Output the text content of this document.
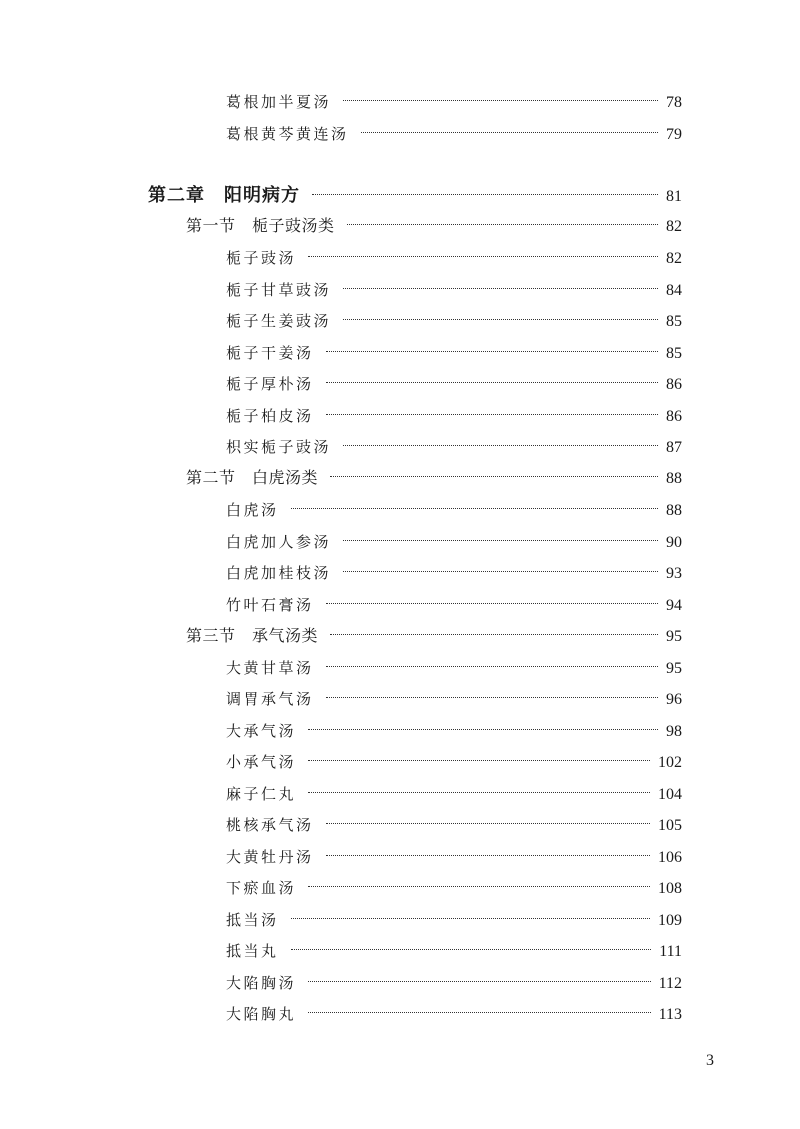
葛根加半夏汤	78
葛根黄芩黄连汤	79
第二章　阳明病方	81
第一节　栀子豉汤类	82
栀子豉汤	82
栀子甘草豉汤	84
栀子生姜豉汤	85
栀子干姜汤	85
栀子厚朴汤	86
栀子柏皮汤	86
枳实栀子豉汤	87
第二节　白虎汤类	88
白虎汤	88
白虎加人参汤	90
白虎加桂枝汤	93
竹叶石膏汤	94
第三节　承气汤类	95
大黄甘草汤	95
调胃承气汤	96
大承气汤	98
小承气汤	102
麻子仁丸	104
桃核承气汤	105
大黄牡丹汤	106
下瘀血汤	108
抵当汤	109
抵当丸	111
大陷胸汤	112
大陷胸丸	113
3
